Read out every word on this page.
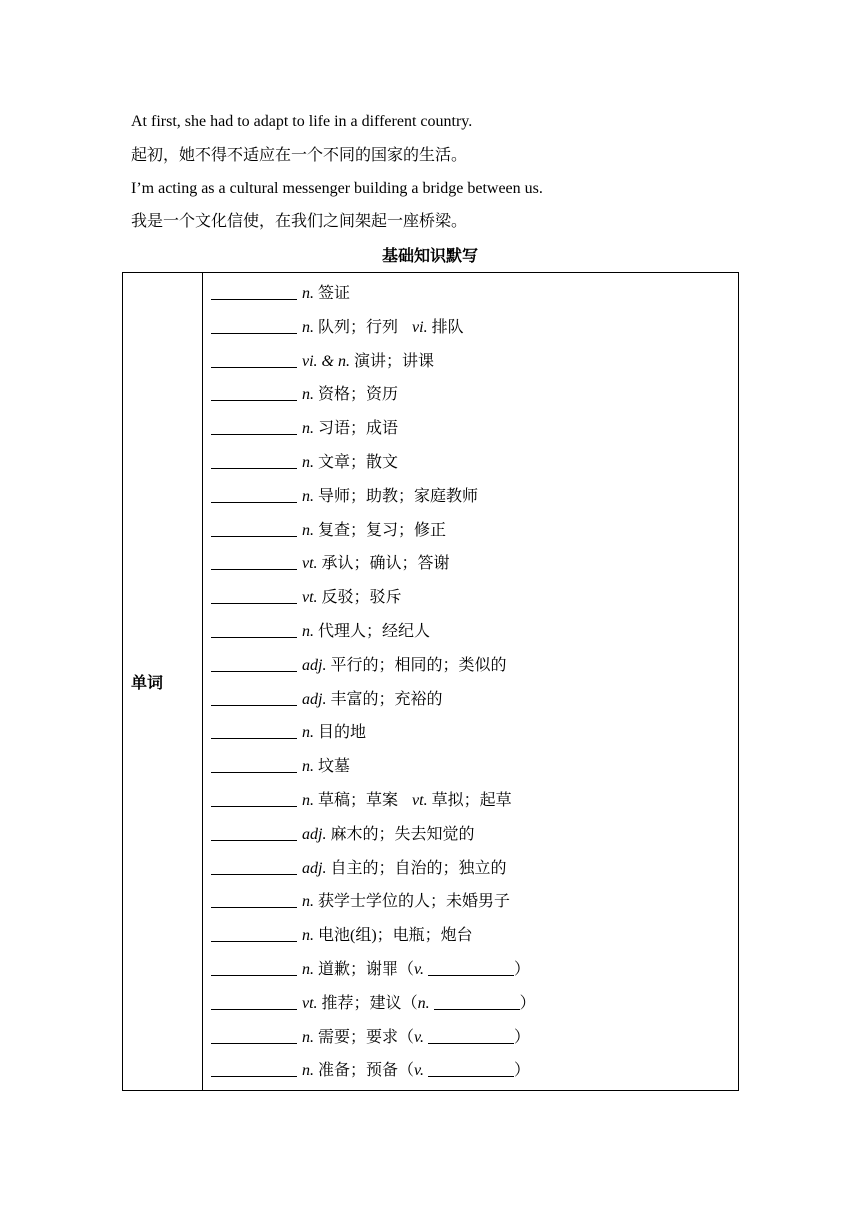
At first, she had to adapt to life in a different country.
起初，她不得不适应在一个不同的国家的生活。
I’m acting as a cultural messenger building a bridge between us.
我是一个文化信使，在我们之间架起一座桥梁。
基础知识默写
单词	
n. 签证
n. 队列；行列 vi. 排队
vi. & n. 演讲；讲课
n. 资格；资历
n. 习语；成语
n. 文章；散文
n. 导师；助教；家庭教师
n. 复查；复习；修正
vt. 承认；确认；答谢
vt. 反驳；驳斥
n. 代理人；经纪人
adj. 平行的；相同的；类似的
adj. 丰富的；充裕的
n. 目的地
n. 坟墓
n. 草稿；草案 vt. 草拟；起草
adj. 麻木的；失去知觉的
adj. 自主的；自治的；独立的
n. 获学士学位的人；未婚男子
n. 电池(组)；电瓶；炮台
n. 道歉；谢罪（v.	）
vt. 推荐；建议（n.	）
n. 需要；要求（v.	）
n. 准备；预备（v.	）
